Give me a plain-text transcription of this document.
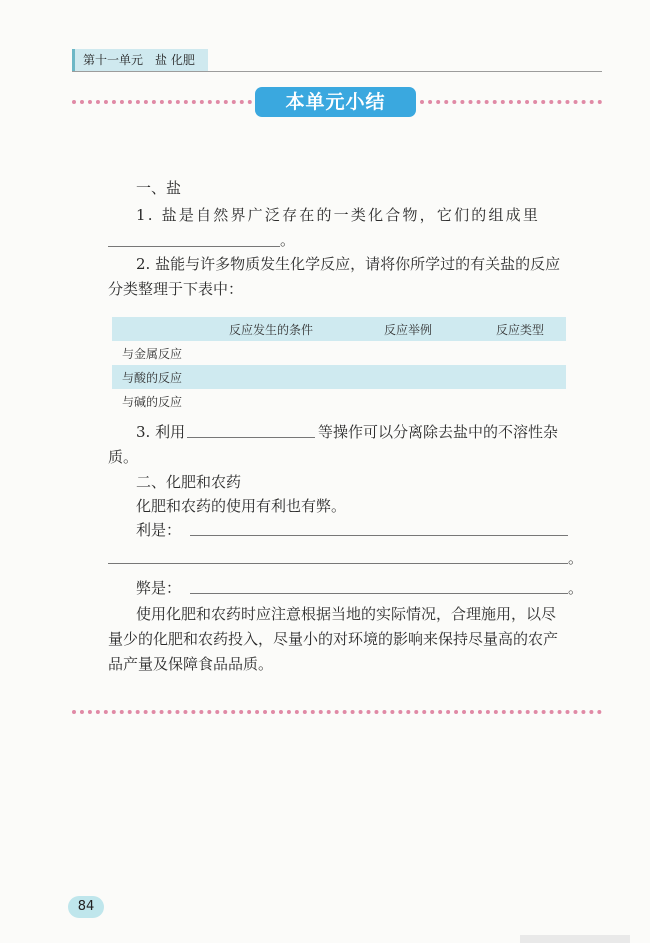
第十一单元　盐 化肥
本单元小结
一、盐
1. 盐是自然界广泛存在的一类化合物，它们的组成里
。
2. 盐能与许多物质发生化学反应，请将你所学过的有关盐的反应
分类整理于下表中：
	反应发生的条件	反应举例	反应类型
与金属反应			
与酸的反应			
与碱的反应			
3. 利用	等操作可以分离除去盐中的不溶性杂
质。
二、化肥和农药
化肥和农药的使用有利也有弊。
利是：
。
弊是：	。
使用化肥和农药时应注意根据当地的实际情况，合理施用，以尽
量少的化肥和农药投入，尽量小的对环境的影响来保持尽量高的农产
品产量及保障食品品质。
84
